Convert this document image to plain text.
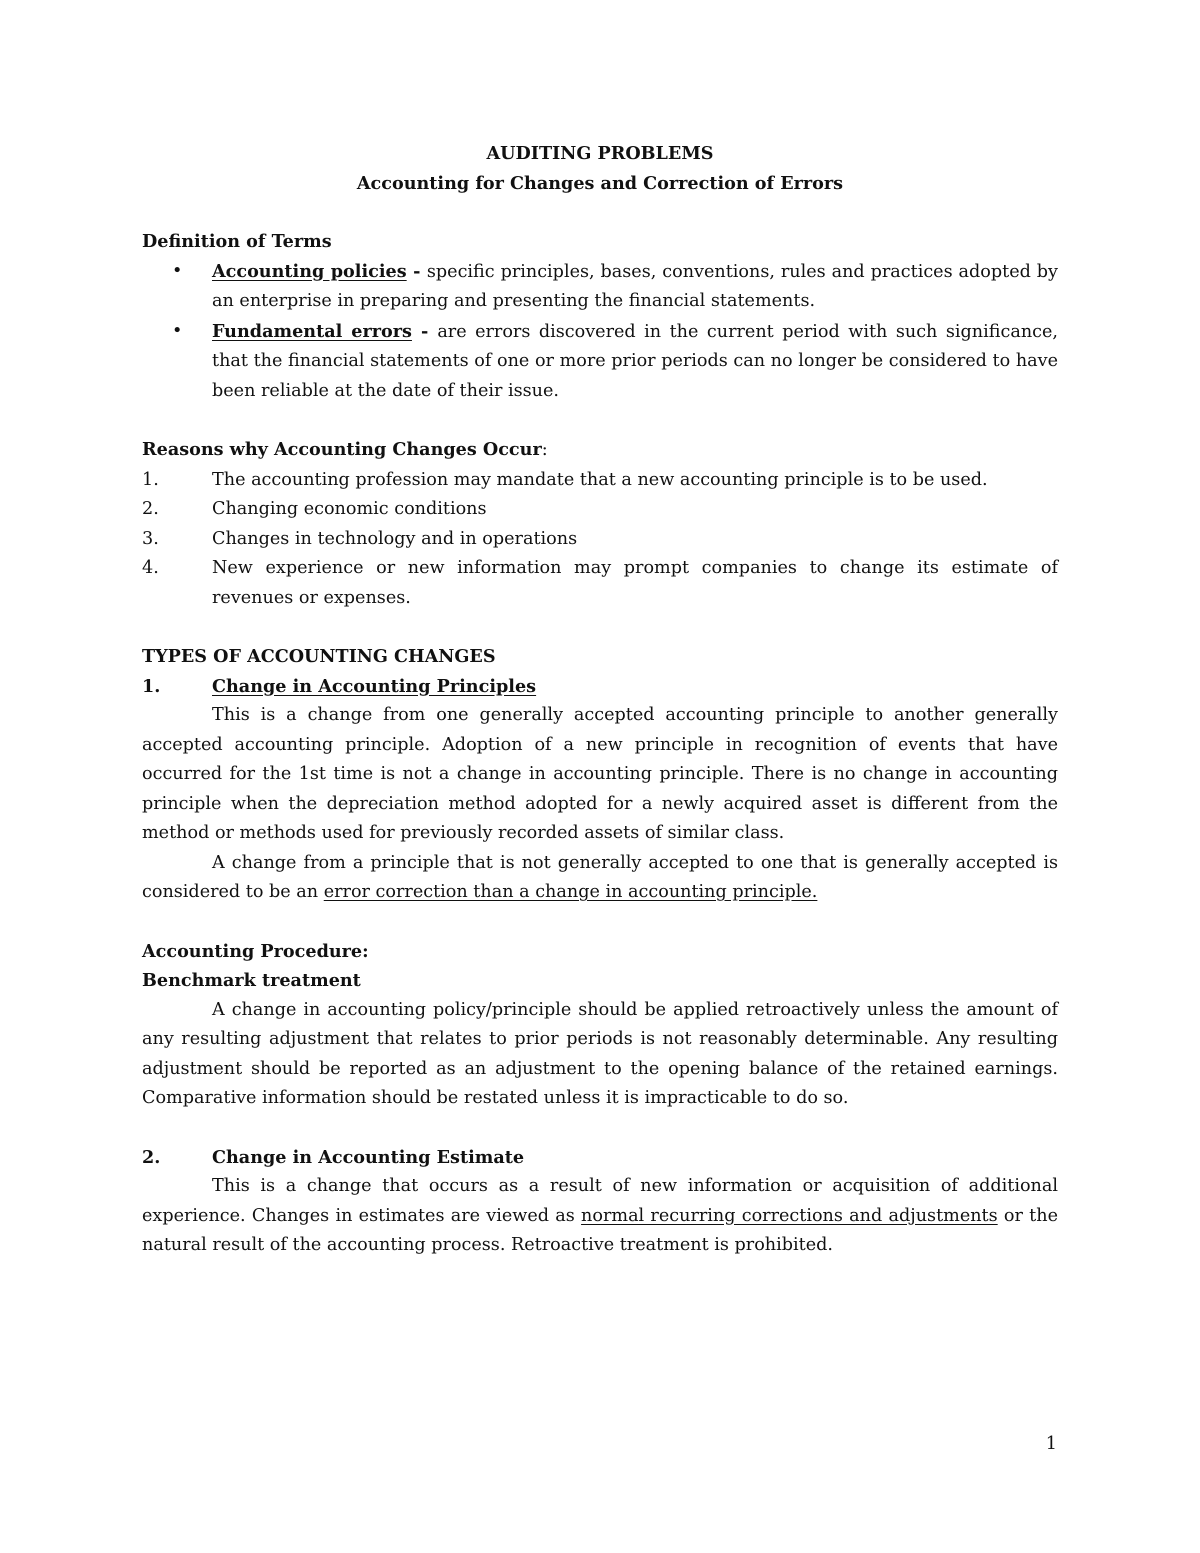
AUDITING PROBLEMS

Accounting for Changes and Correction of Errors

Definition of Terms

• Accounting policies - specific principles, bases, conventions, rules and practices adopted by an enterprise in preparing and presenting the financial statements.
• Fundamental errors - are errors discovered in the current period with such significance, that the financial statements of one or more prior periods can no longer be considered to have been reliable at the date of their issue.

Reasons why Accounting Changes Occur:

1.	The accounting profession may mandate that a new accounting principle is to be used.
2.	Changing economic conditions
3.	Changes in technology and in operations
4.	New experience or new information may prompt companies to change its estimate of revenues or expenses.

TYPES OF ACCOUNTING CHANGES

1.	Change in Accounting Principles

This is a change from one generally accepted accounting principle to another generally accepted accounting principle. Adoption of a new principle in recognition of events that have occurred for the 1st time is not a change in accounting principle. There is no change in accounting principle when the depreciation method adopted for a newly acquired asset is different from the method or methods used for previously recorded assets of similar class.

A change from a principle that is not generally accepted to one that is generally accepted is considered to be an error correction than a change in accounting principle.

Accounting Procedure:

Benchmark treatment

A change in accounting policy/principle should be applied retroactively unless the amount of any resulting adjustment that relates to prior periods is not reasonably determinable. Any resulting adjustment should be reported as an adjustment to the opening balance of the retained earnings. Comparative information should be restated unless it is impracticable to do so.

2.	Change in Accounting Estimate

This is a change that occurs as a result of new information or acquisition of additional experience. Changes in estimates are viewed as normal recurring corrections and adjustments or the natural result of the accounting process. Retroactive treatment is prohibited.

1
